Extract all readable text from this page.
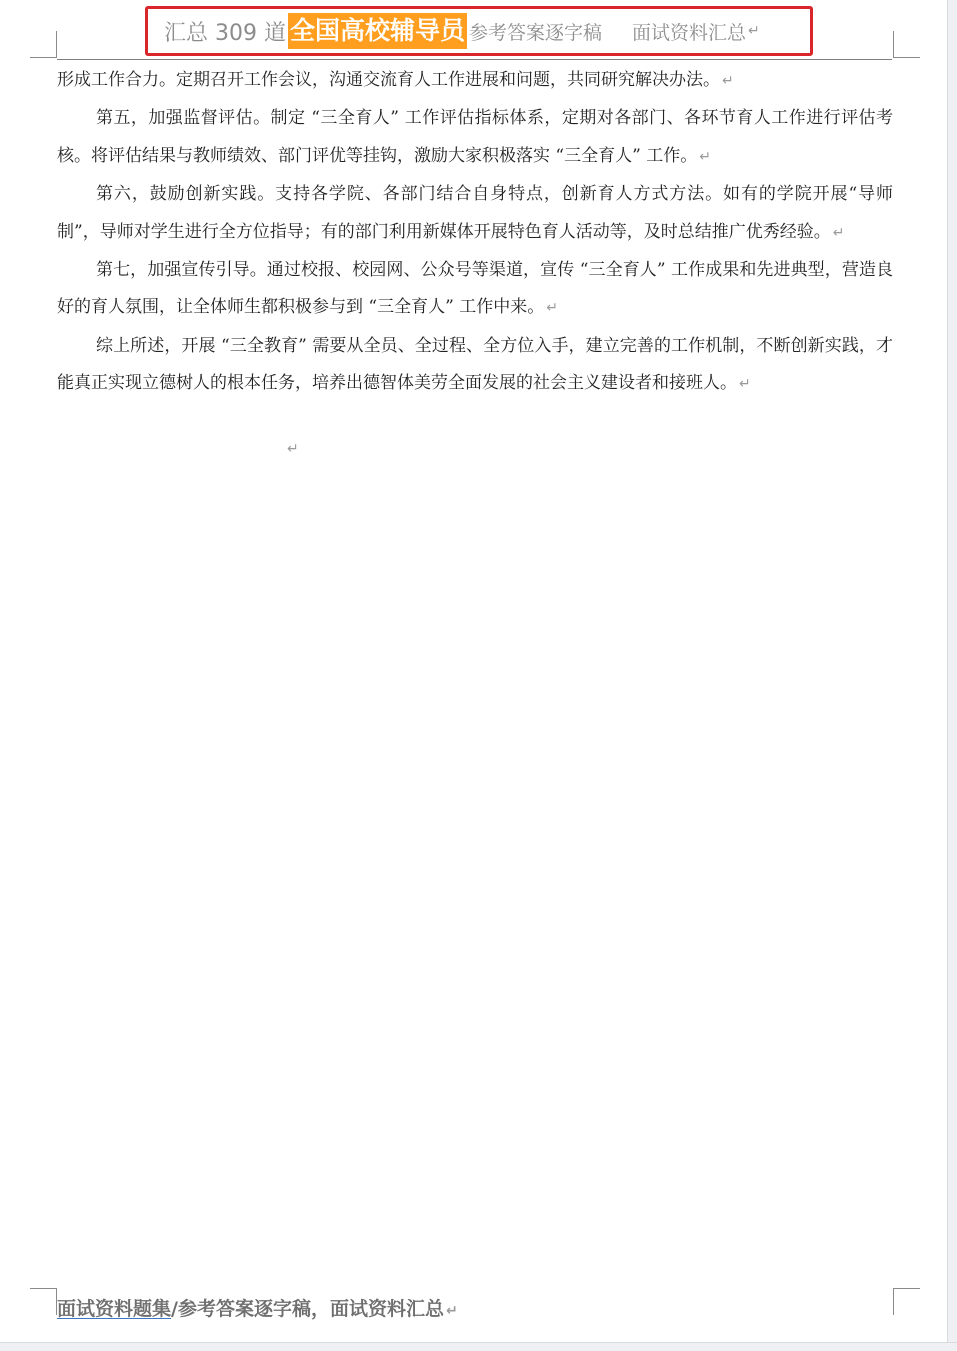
汇总 309 道 全国高校辅导员 参考答案逐字稿 面试资料汇总 ↵

形成工作合力。定期召开工作会议，沟通交流育人工作进展和问题，共同研究解决办法。 ↵

第五，加强监督评估。制定 “三全育人” 工作评估指标体系，定期对各部门、各环节育人工作进行评估考核。将评估结果与教师绩效、部门评优等挂钩，激励大家积极落实 “三全育人” 工作。 ↵

第六，鼓励创新实践。支持各学院、各部门结合自身特点，创新育人方式方法。如有的学院开展“导师制”，导师对学生进行全方位指导；有的部门利用新媒体开展特色育人活动等，及时总结推广优秀经验。 ↵

第七，加强宣传引导。通过校报、校园网、公众号等渠道，宣传 “三全育人” 工作成果和先进典型，营造良好的育人氛围，让全体师生都积极参与到 “三全育人” 工作中来。 ↵

综上所述，开展 “三全教育” 需要从全员、全过程、全方位入手，建立完善的工作机制，不断创新实践，才能真正实现立德树人的根本任务，培养出德智体美劳全面发展的社会主义建设者和接班人。 ↵

↵

面试资料题集/参考答案逐字稿，面试资料汇总 ↵
